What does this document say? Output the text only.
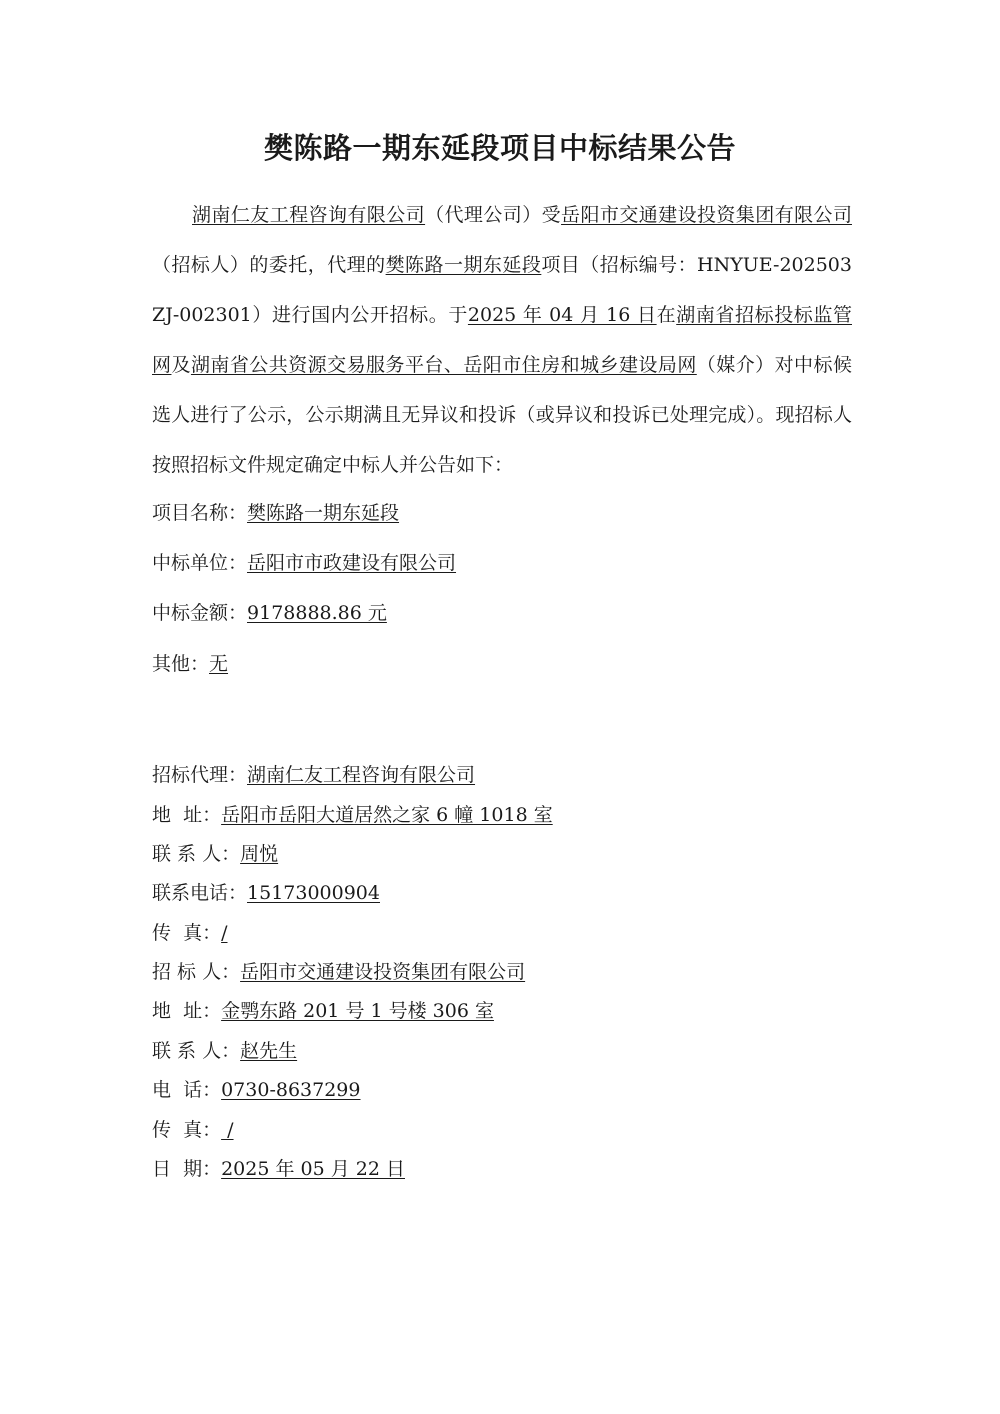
樊陈路一期东延段项目中标结果公告
湖南仁友工程咨询有限公司（代理公司）受岳阳市交通建设投资集团有限公司（招标人）的委托，代理的樊陈路一期东延段项目（招标编号：HNYUE-202503ZJ-002301）进行国内公开招标。于2025 年 04 月 16 日在湖南省招标投标监管网及湖南省公共资源交易服务平台、岳阳市住房和城乡建设局网（媒介）对中标候选人进行了公示，公示期满且无异议和投诉（或异议和投诉已处理完成）。现招标人按照招标文件规定确定中标人并公告如下：
项目名称：樊陈路一期东延段
中标单位：岳阳市市政建设有限公司
中标金额：9178888.86 元
其他：无
招标代理：湖南仁友工程咨询有限公司
地  址：岳阳市岳阳大道居然之家 6 幢 1018 室
联 系 人：周悦
联系电话：15173000904
传  真：/
招 标 人：岳阳市交通建设投资集团有限公司
地  址：金鹗东路 201 号 1 号楼 306 室
联 系 人：赵先生
电  话：0730-8637299
传  真： /
日  期：2025 年 05 月 22 日
